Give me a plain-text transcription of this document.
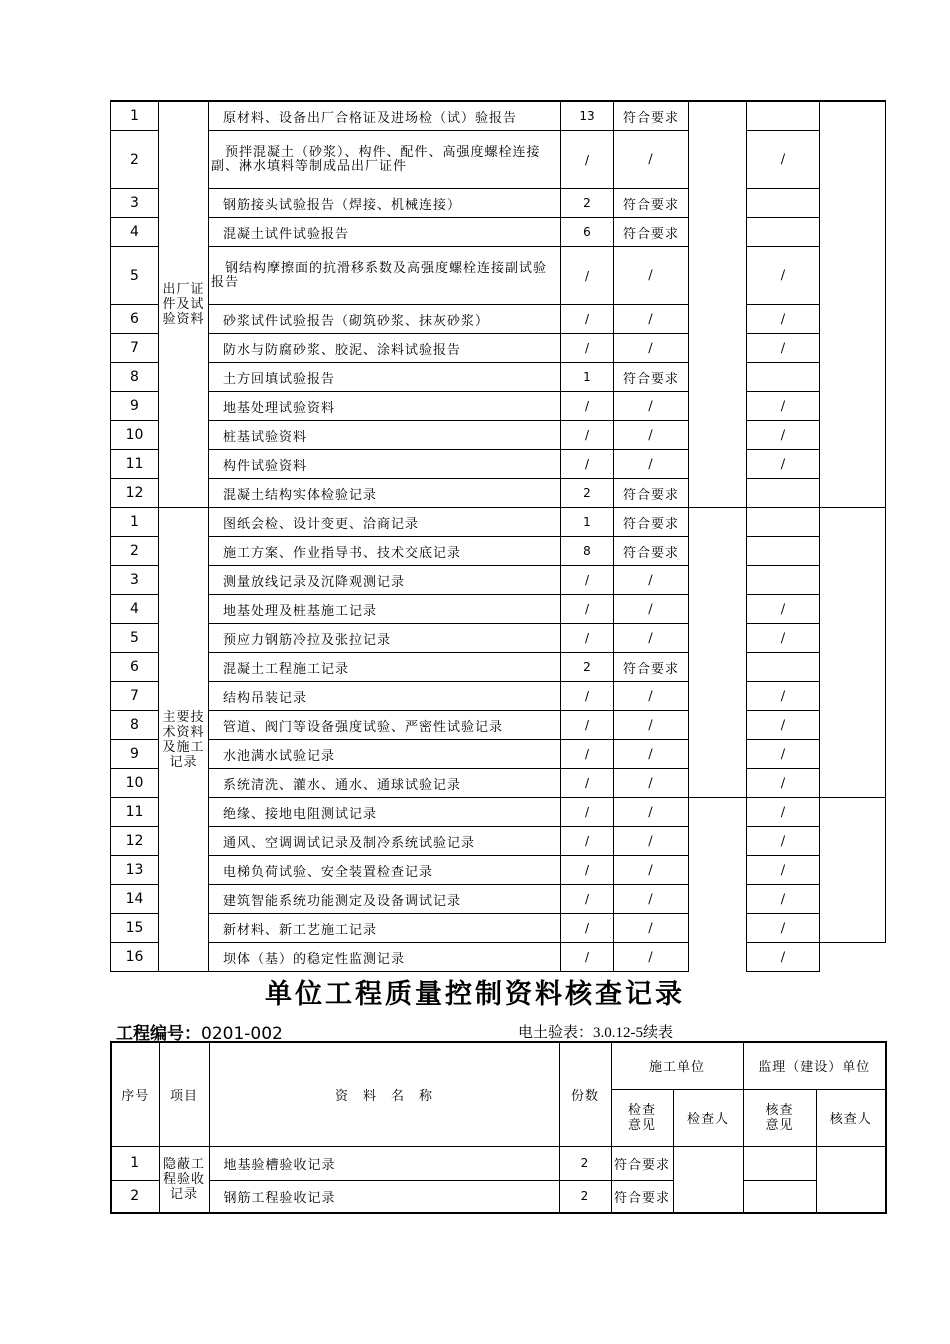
1	出厂证件及试验资料	原材料、设备出厂合格证及进场检（试）验报告	13	符合要求			
2		预拌混凝土（砂浆）、构件、配件、高强度螺栓连接副、淋水填料等制成品出厂证件	/	/		/	
3		钢筋接头试验报告（焊接、机械连接）	2	符合要求			
4		混凝土试件试验报告	6	符合要求			
5		钢结构摩擦面的抗滑移系数及高强度螺栓连接副试验报告	/	/		/	
6		砂浆试件试验报告（砌筑砂浆、抹灰砂浆）	/	/		/	
7		防水与防腐砂浆、胶泥、涂料试验报告	/	/		/	
8		土方回填试验报告	1	符合要求			
9		地基处理试验资料	/	/		/	
10		桩基试验资料	/	/		/	
11		构件试验资料	/	/		/	
12		混凝土结构实体检验记录	2	符合要求			
1	主要技术资料及施工记录	图纸会检、设计变更、洽商记录	1	符合要求			
2		施工方案、作业指导书、技术交底记录	8	符合要求			
3		测量放线记录及沉降观测记录	/	/			
4		地基处理及桩基施工记录	/	/		/	
5		预应力钢筋冷拉及张拉记录	/	/		/	
6		混凝土工程施工记录	2	符合要求			
7		结构吊装记录	/	/		/	
8		管道、阀门等设备强度试验、严密性试验记录	/	/		/	
9		水池满水试验记录	/	/		/	
10		系统清洗、灌水、通水、通球试验记录	/	/		/	
11		绝缘、接地电阻测试记录	/	/		/	
12		通风、空调调试记录及制冷系统试验记录	/	/		/	
13		电梯负荷试验、安全装置检查记录	/	/		/	
14		建筑智能系统功能测定及设备调试记录	/	/		/	
15		新材料、新工艺施工记录	/	/		/	
16		坝体（基）的稳定性监测记录	/	/		/	
单位工程质量控制资料核查记录
工程编号：0201-002	电土验表：3.0.12-5续表
序号	项目	资　料　名　称	份数	施工单位		监理（建设）单位	

				检查意见	检查人	核查意见	核查人
1	隐蔽工程验收记录	地基验槽验收记录	2	符合要求			
2		钢筋工程验收记录	2	符合要求			
